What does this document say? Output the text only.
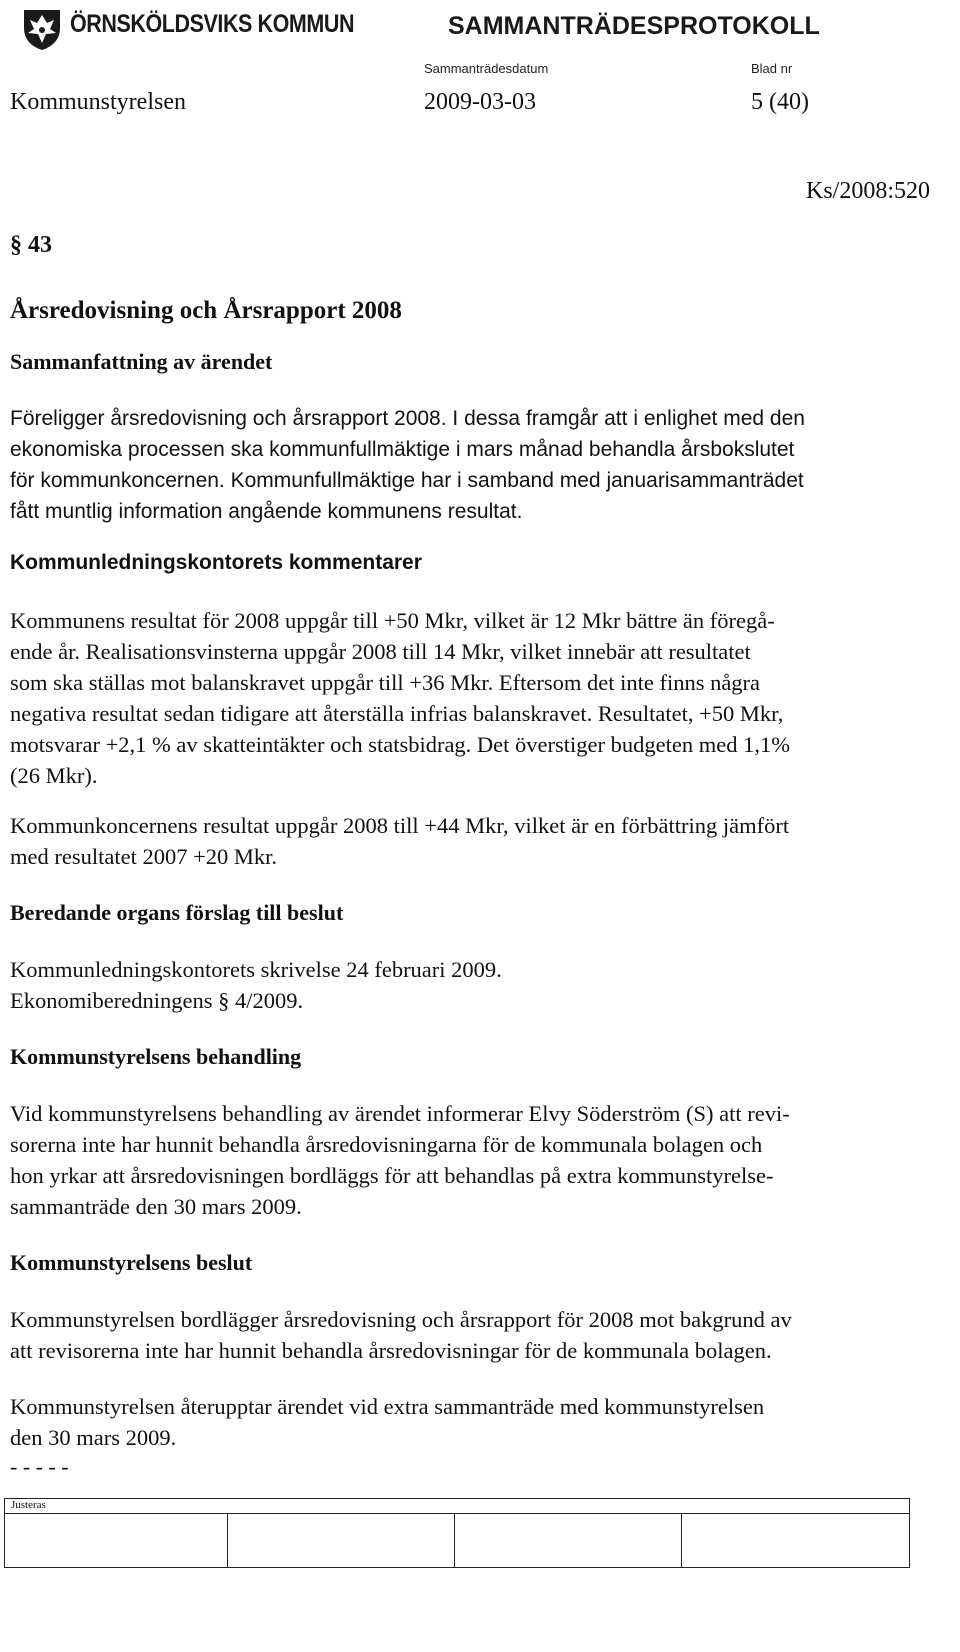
ÖRNSKÖLDSVIKS KOMMUN	SAMMANTRÄDESPROTOKOLL
Sammanträdesdatum	Blad nr
Kommunstyrelsen	2009-03-03	5 (40)
Ks/2008:520
§ 43
Årsredovisning och Årsrapport 2008
Sammanfattning av ärendet
Föreligger årsredovisning och årsrapport 2008. I dessa framgår att i enlighet med den
ekonomiska processen ska kommunfullmäktige i mars månad behandla årsbokslutet
för kommunkoncernen. Kommunfullmäktige har i samband med januarisammanträdet
fått muntlig information angående kommunens resultat.
Kommunledningskontorets kommentarer
Kommunens resultat för 2008 uppgår till +50 Mkr, vilket är 12 Mkr bättre än föregå-
ende år. Realisationsvinsterna uppgår 2008 till 14 Mkr, vilket innebär att resultatet
som ska ställas mot balanskravet uppgår till +36 Mkr. Eftersom det inte finns några
negativa resultat sedan tidigare att återställa infrias balanskravet. Resultatet, +50 Mkr,
motsvarar +2,1 % av skatteintäkter och statsbidrag. Det överstiger budgeten med 1,1%
(26 Mkr).
Kommunkoncernens resultat uppgår 2008 till +44 Mkr, vilket är en förbättring jämfört
med resultatet 2007 +20 Mkr.
Beredande organs förslag till beslut
Kommunledningskontorets skrivelse 24 februari 2009.
Ekonomiberedningens § 4/2009.
Kommunstyrelsens behandling
Vid kommunstyrelsens behandling av ärendet informerar Elvy Söderström (S) att revi-
sorerna inte har hunnit behandla årsredovisningarna för de kommunala bolagen och
hon yrkar att årsredovisningen bordläggs för att behandlas på extra kommunstyrelse-
sammanträde den 30 mars 2009.
Kommunstyrelsens beslut
Kommunstyrelsen bordlägger årsredovisning och årsrapport för 2008 mot bakgrund av
att revisorerna inte har hunnit behandla årsredovisningar för de kommunala bolagen.
Kommunstyrelsen återupptar ärendet vid extra sammanträde med kommunstyrelsen
den 30 mars 2009.
- - - - -
Justeras
